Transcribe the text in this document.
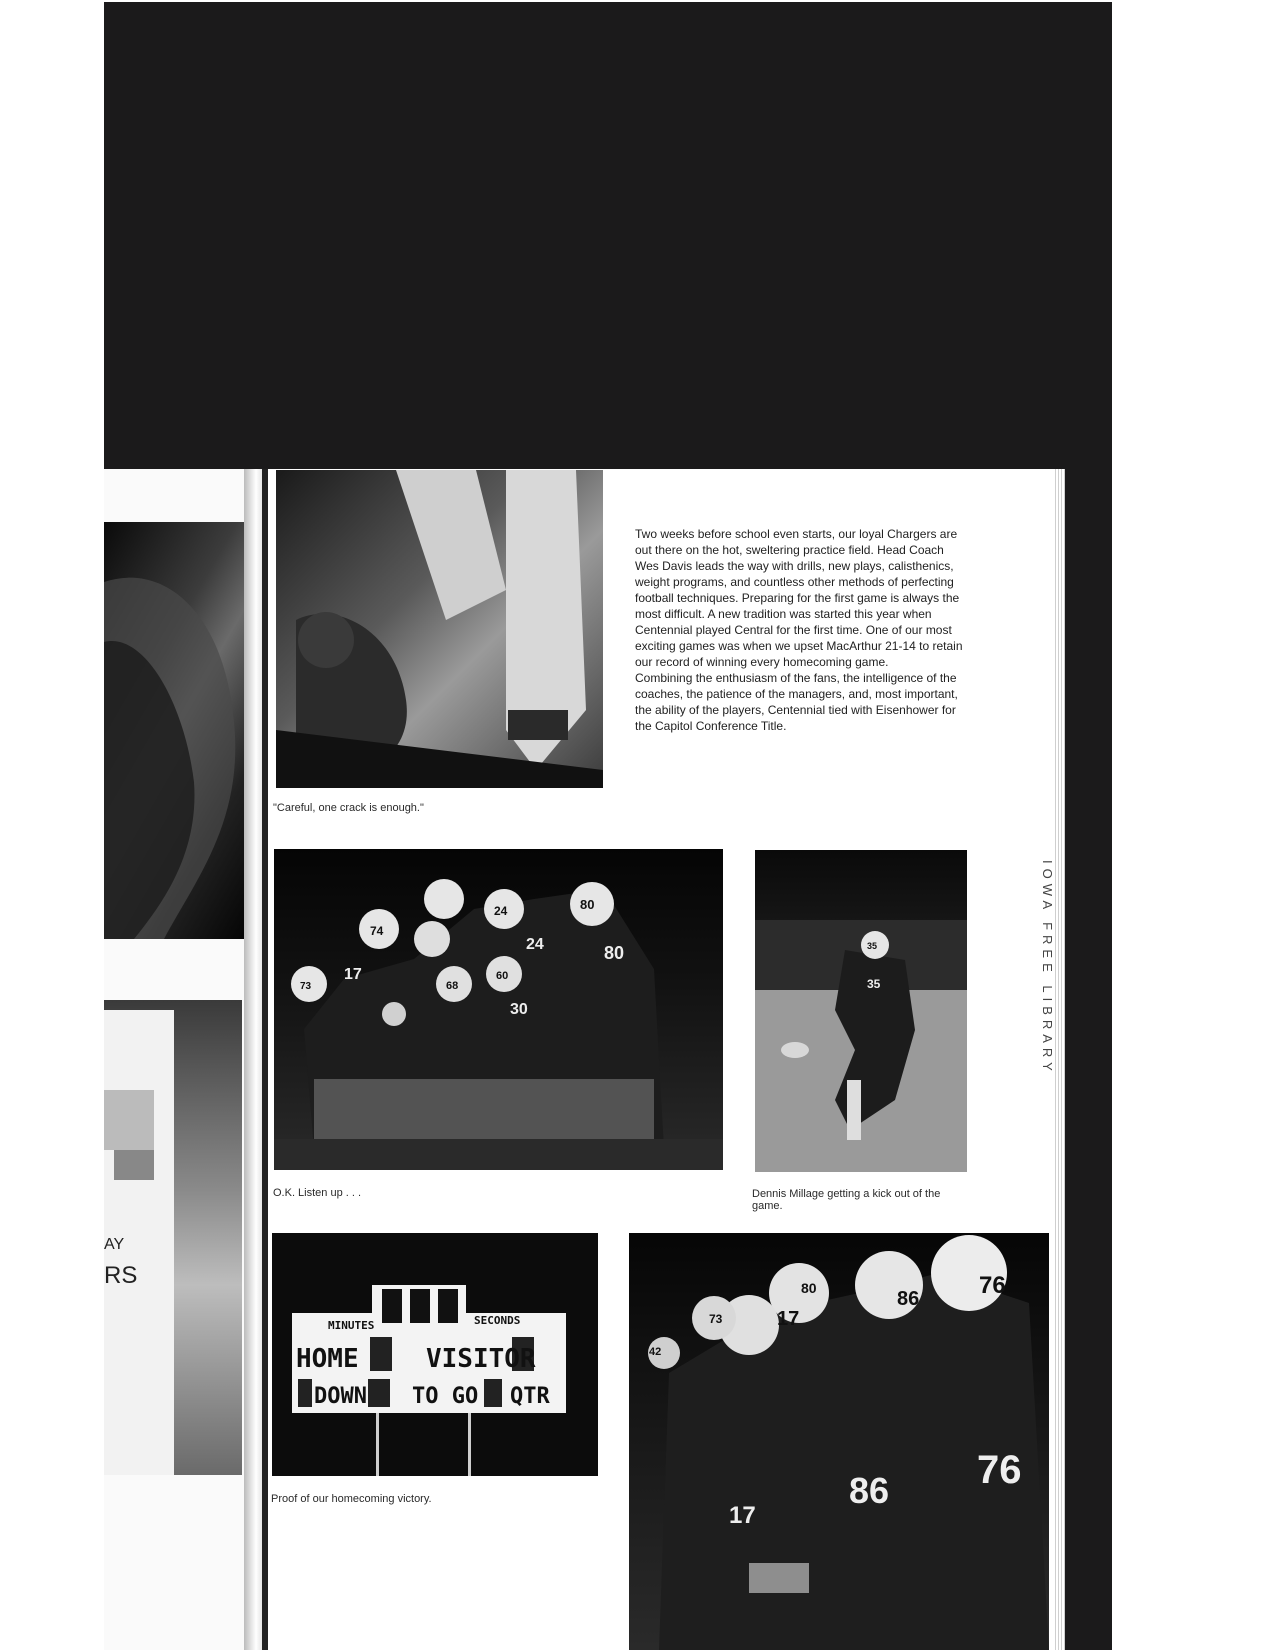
IOWA FREE LIBRARY
AY
RS
"Careful, one crack is enough."

Two weeks before school even starts, our loyal Chargers are out there on the hot, sweltering practice field. Head Coach Wes Davis leads the way with drills, new plays, calisthenics, weight programs, and countless other methods of perfecting football techniques. Preparing for the first game is always the most difficult. A new tradition was started this year when Centennial played Central for the first time. One of our most exciting games was when we upset MacArthur 21-14 to retain our record of winning every homecoming game.

Combining the enthusiasm of the fans, the intelligence of the coaches, the patience of the managers, and, most important, the ability of the players, Centennial tied with Eisenhower for the Capitol Conference Title.

74
24	80
17
68
60
73
24
30
80
O.K. Listen up . . .
35
35
Dennis Millage getting a kick out of the game.
MINUTES	SECONDS
HOME	VISITOR
DOWN TO GO QTR
Proof of our homecoming victory.
76
86
17
80
73
42
17
86 76
